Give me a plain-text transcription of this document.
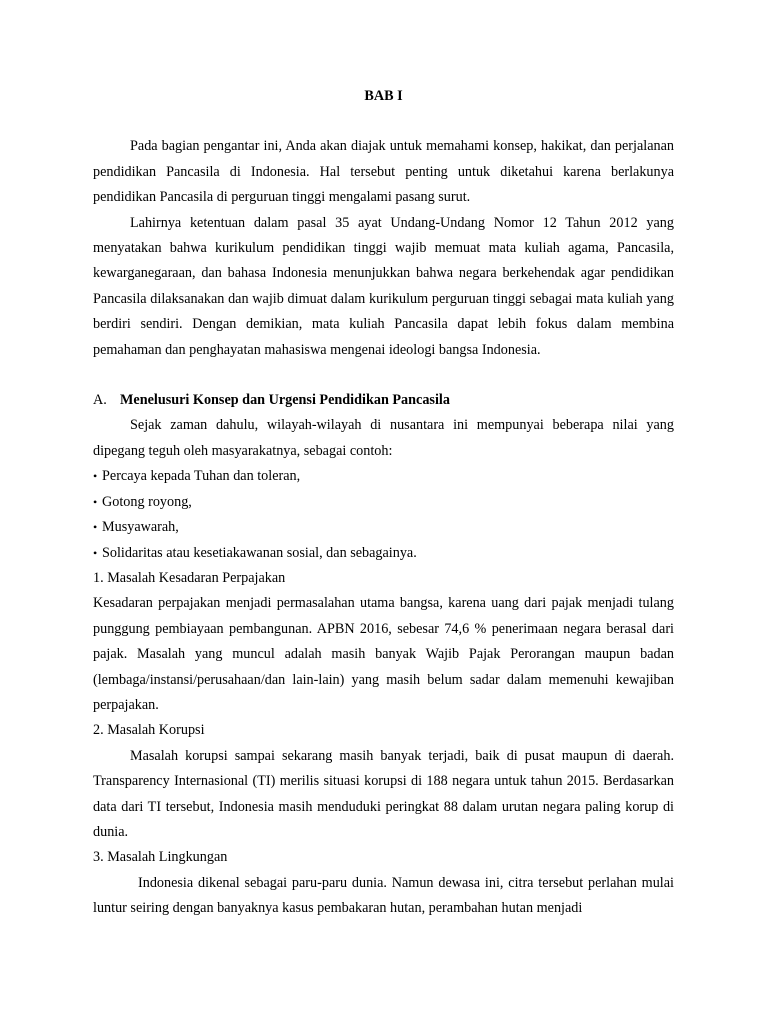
BAB I

Pada bagian pengantar ini, Anda akan diajak untuk memahami konsep, hakikat, dan perjalanan pendidikan Pancasila di Indonesia. Hal tersebut penting untuk diketahui karena berlakunya pendidikan Pancasila di perguruan tinggi mengalami pasang surut.

Lahirnya ketentuan dalam pasal 35 ayat Undang-Undang Nomor 12 Tahun 2012 yang menyatakan bahwa kurikulum pendidikan tinggi wajib memuat mata kuliah agama, Pancasila, kewarganegaraan, dan bahasa Indonesia menunjukkan bahwa negara berkehendak agar pendidikan Pancasila dilaksanakan dan wajib dimuat dalam kurikulum perguruan tinggi sebagai mata kuliah yang berdiri sendiri. Dengan demikian, mata kuliah Pancasila dapat lebih fokus dalam membina pemahaman dan penghayatan mahasiswa mengenai ideologi bangsa Indonesia.

A. Menelusuri Konsep dan Urgensi Pendidikan Pancasila

Sejak zaman dahulu, wilayah-wilayah di nusantara ini mempunyai beberapa nilai yang dipegang teguh oleh masyarakatnya, sebagai contoh:

• Percaya kepada Tuhan dan toleran,
• Gotong royong,
• Musyawarah,
• Solidaritas atau kesetiakawanan sosial, dan sebagainya.
1. Masalah Kesadaran Perpajakan

Kesadaran perpajakan menjadi permasalahan utama bangsa, karena uang dari pajak menjadi tulang punggung pembiayaan pembangunan. APBN 2016, sebesar 74,6 % penerimaan negara berasal dari pajak. Masalah yang muncul adalah masih banyak Wajib Pajak Perorangan maupun badan (lembaga/instansi/perusahaan/dan lain-lain) yang masih belum sadar dalam memenuhi kewajiban perpajakan.

2. Masalah Korupsi

Masalah korupsi sampai sekarang masih banyak terjadi, baik di pusat maupun di daerah. Transparency Internasional (TI) merilis situasi korupsi di 188 negara untuk tahun 2015. Berdasarkan data dari TI tersebut, Indonesia masih menduduki peringkat 88 dalam urutan negara paling korup di dunia.

3. Masalah Lingkungan

Indonesia dikenal sebagai paru-paru dunia. Namun dewasa ini, citra tersebut perlahan mulai luntur seiring dengan banyaknya kasus pembakaran hutan, perambahan hutan menjadi
